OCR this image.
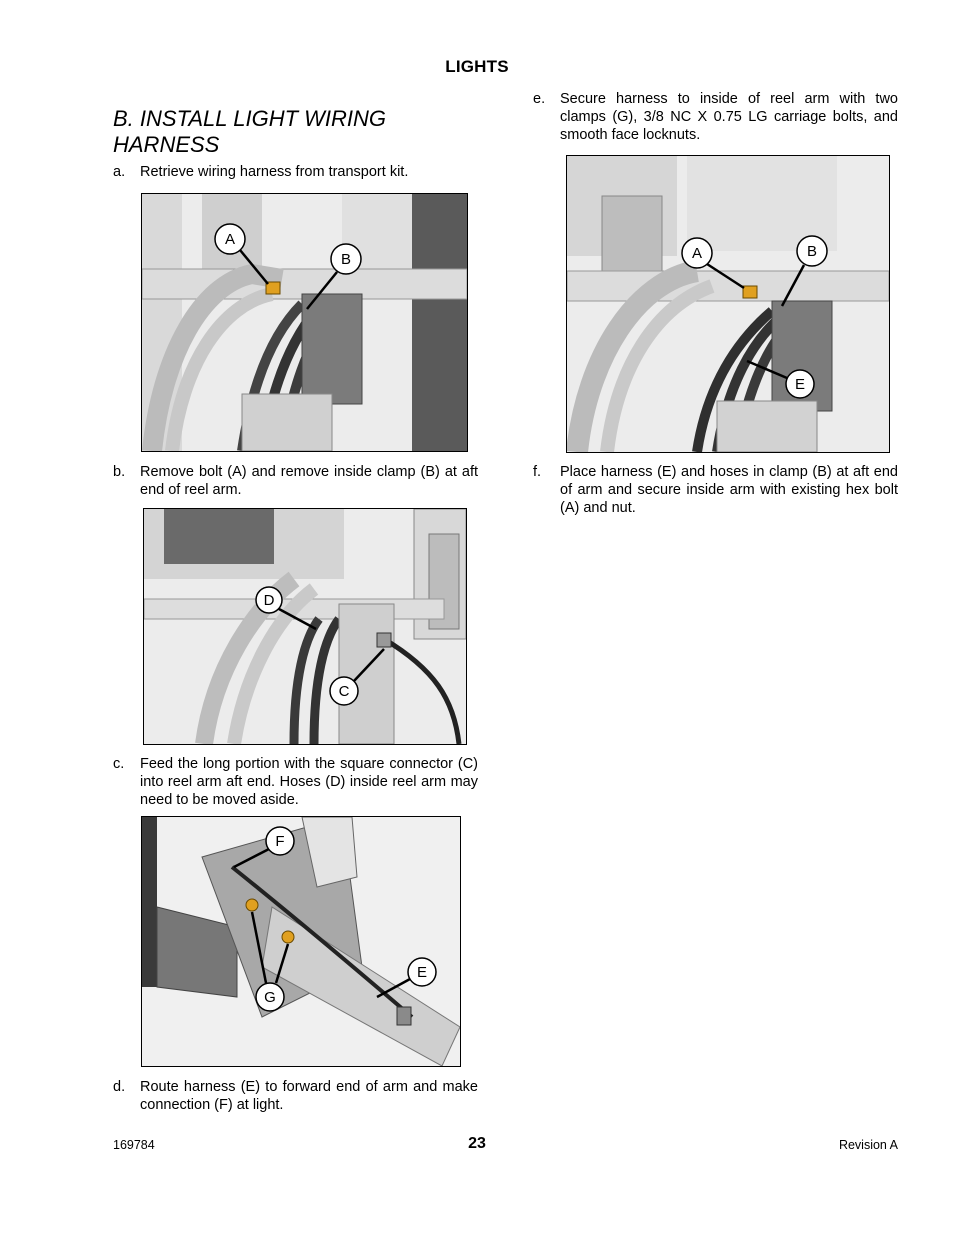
LIGHTS
B. INSTALL LIGHT WIRING HARNESS
a. Retrieve wiring harness from transport kit.
A
B
b. Remove bolt (A) and remove inside clamp (B) at aft end of reel arm.
D
C
c. Feed the long portion with the square connector (C) into reel arm aft end. Hoses (D) inside reel arm may need to be moved aside.
F
E
G
d. Route harness (E) to forward end of arm and make connection (F) at light.
e. Secure harness to inside of reel arm with two clamps (G), 3/8 NC X 0.75 LG carriage bolts, and smooth face locknuts.
A	B
E
f. Place harness (E) and hoses in clamp (B) at aft end of arm and secure inside arm with existing hex bolt (A) and nut.
169784	23	Revision A
